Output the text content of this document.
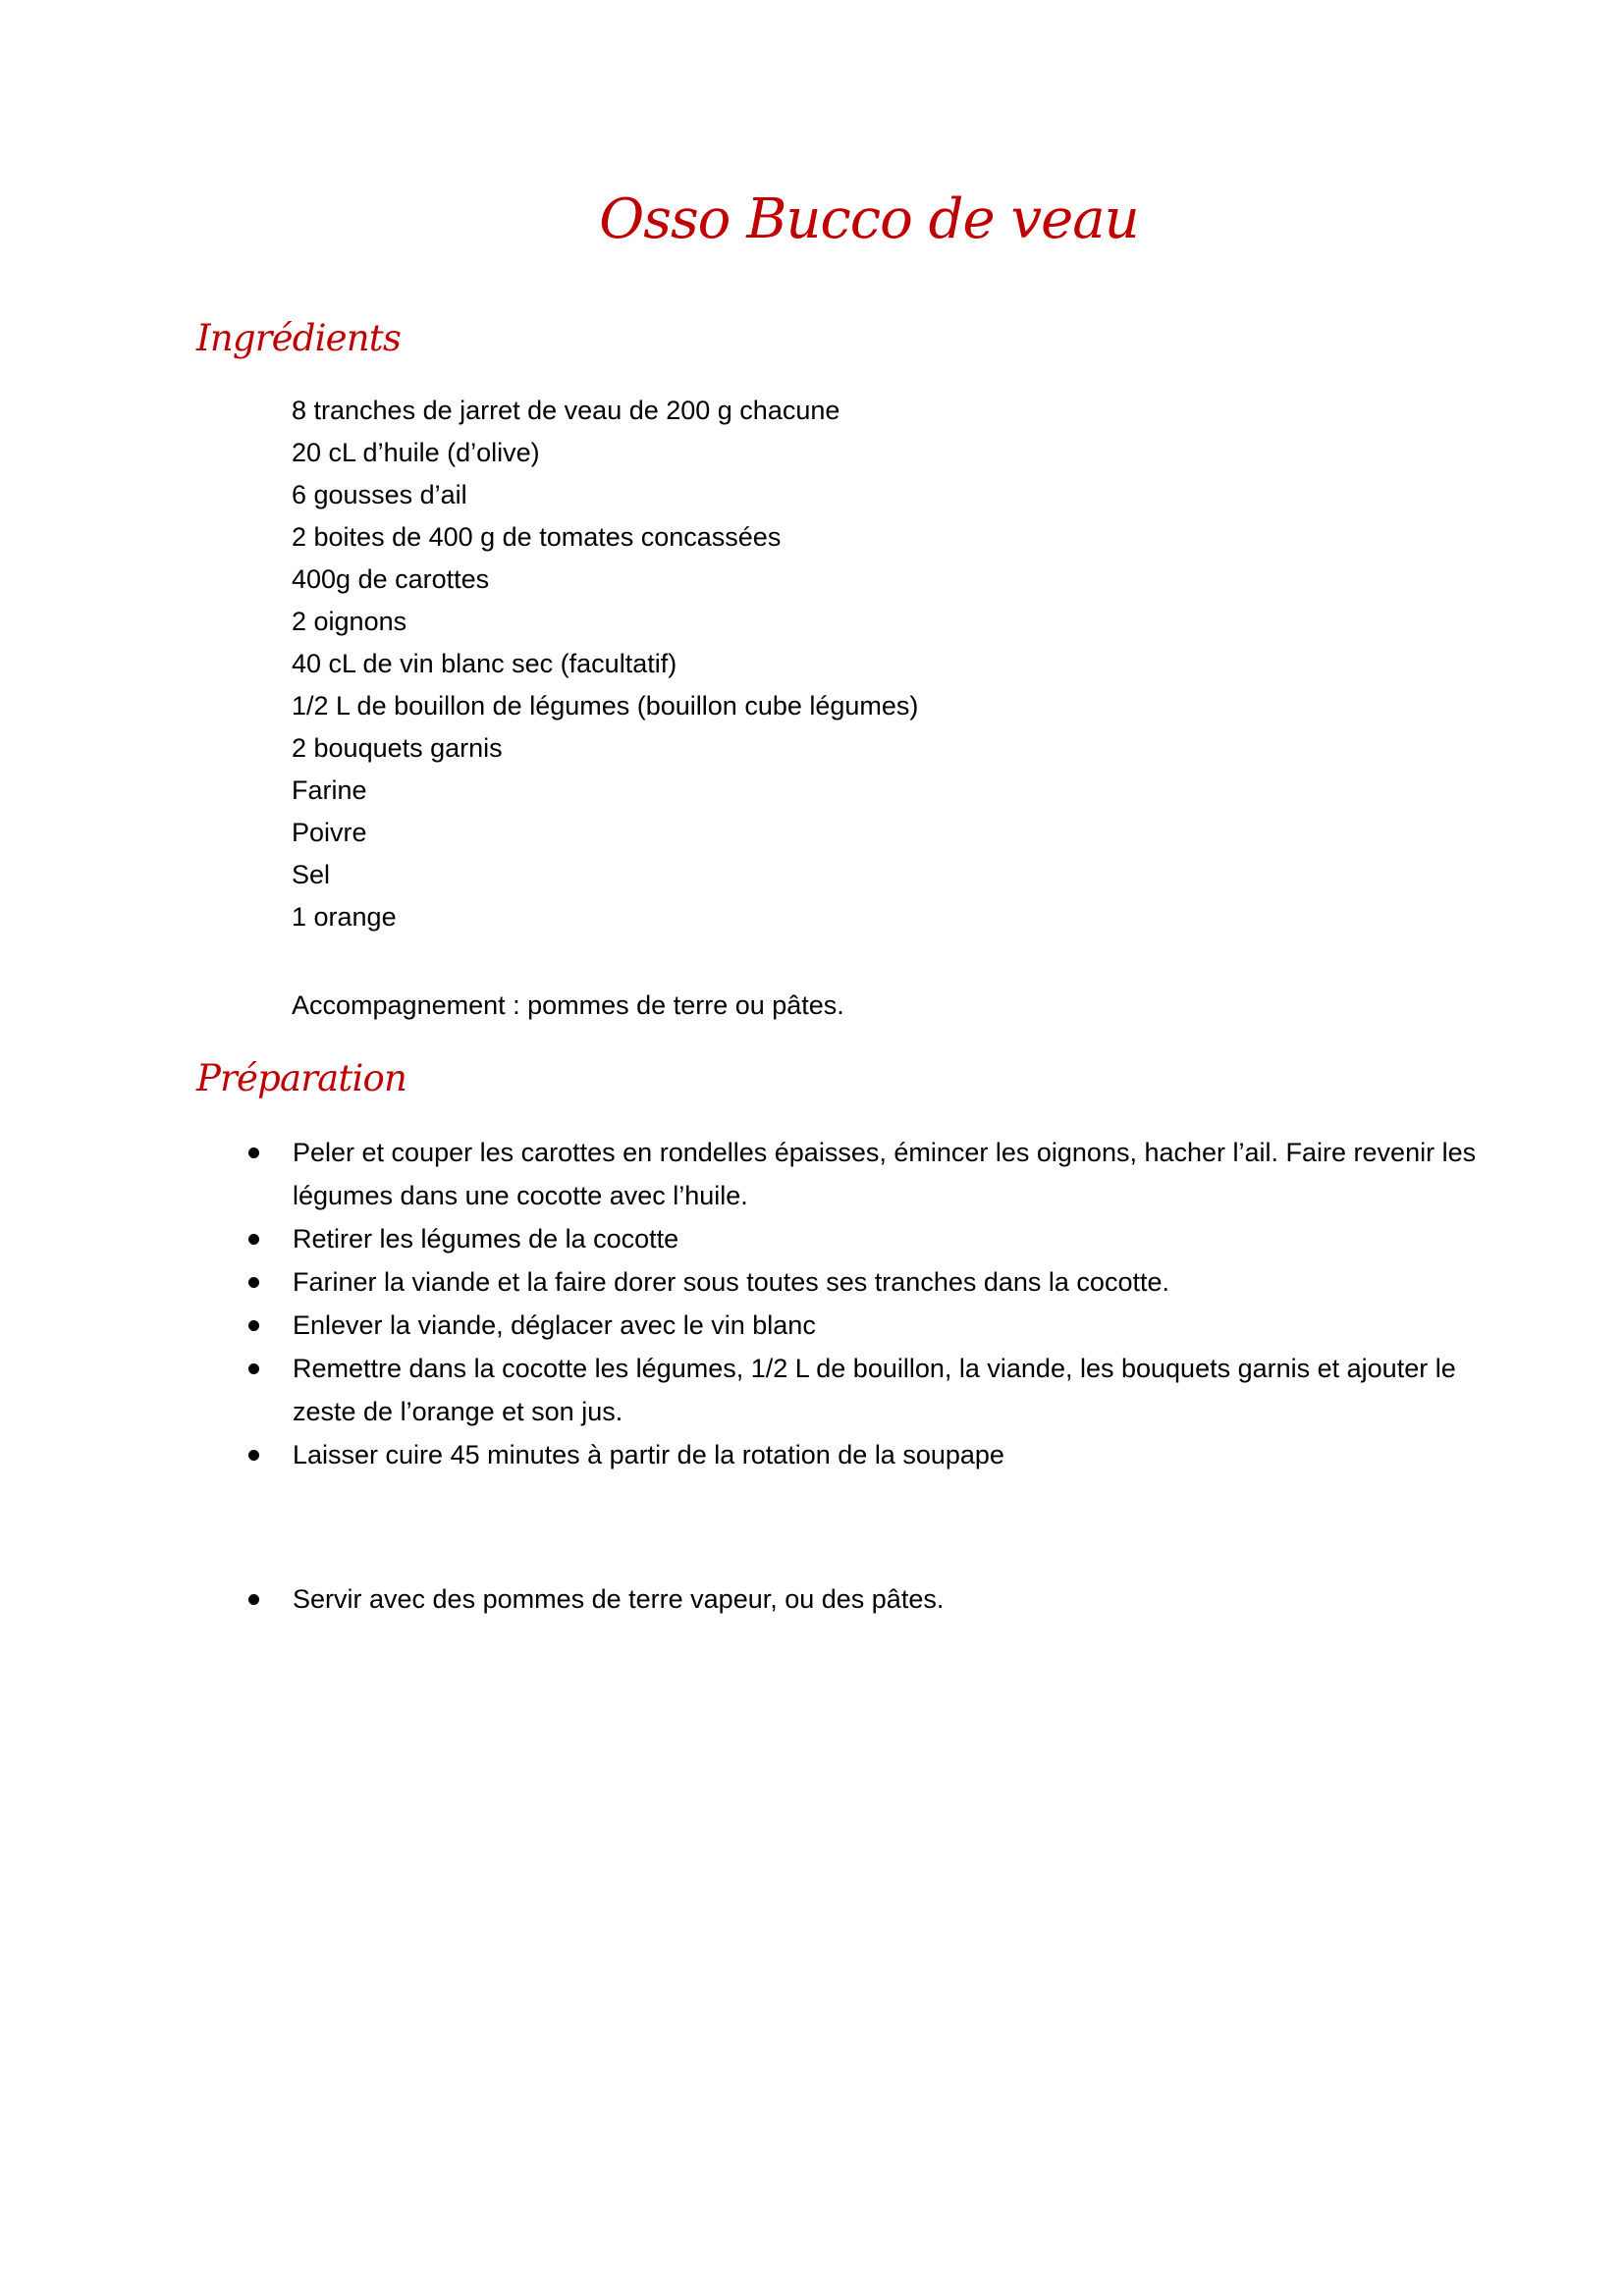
Osso Bucco de veau
Ingrédients
8 tranches de jarret de veau de 200 g chacune
20 cL d’huile (d’olive)
6 gousses d’ail
2 boites de 400 g de tomates concassées
400g de carottes
2 oignons
40 cL de vin blanc sec (facultatif)
1/2 L de bouillon de légumes (bouillon cube légumes)
2 bouquets garnis
Farine
Poivre
Sel
1 orange
Accompagnement : pommes de terre ou pâtes.
Préparation
Peler et couper les carottes en rondelles épaisses, émincer les oignons, hacher l’ail. Faire revenir les légumes dans une cocotte avec l’huile.
Retirer les légumes de la cocotte
Fariner la viande et la faire dorer sous toutes ses tranches dans la cocotte.
Enlever la viande, déglacer avec le vin blanc
Remettre dans la cocotte les légumes, 1/2 L de bouillon, la viande, les bouquets garnis et ajouter le zeste de l’orange et son jus.
Laisser cuire 45 minutes à partir de la rotation de la soupape
Servir avec des pommes de terre vapeur, ou des pâtes.
